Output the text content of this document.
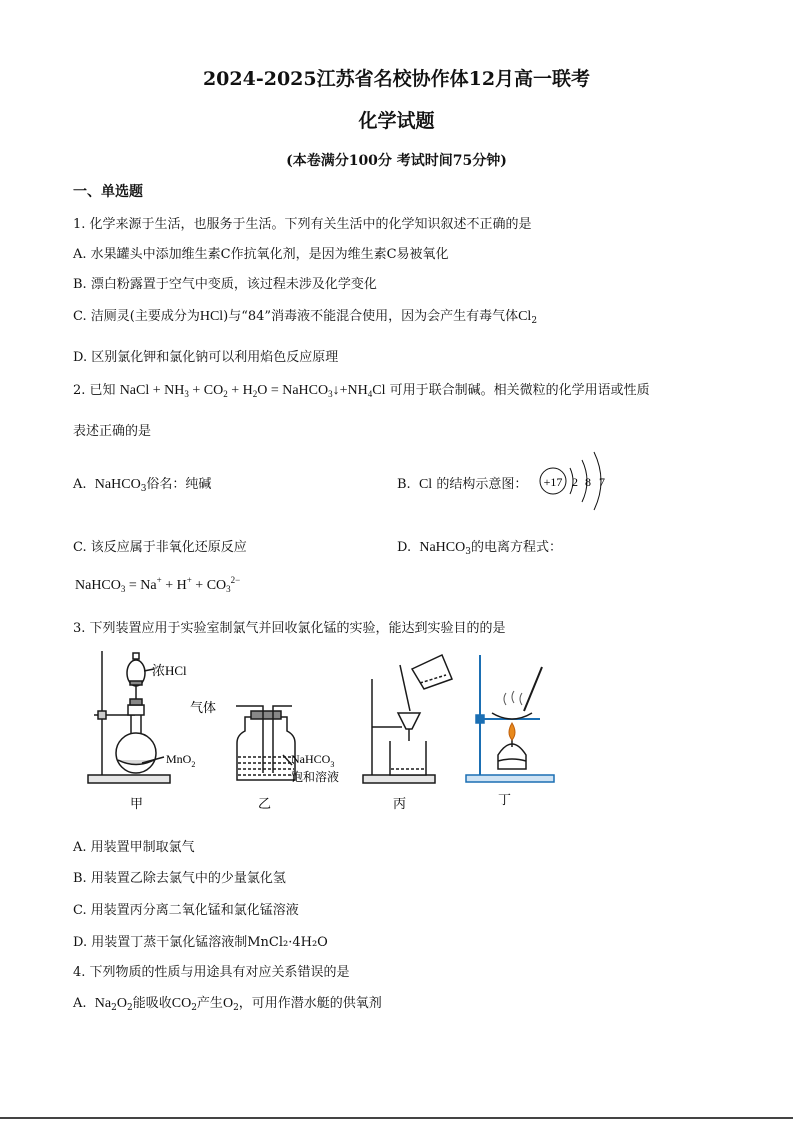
2024-2025江苏省名校协作体12月高一联考
化学试题
(本卷满分100分 考试时间75分钟)
一、单选题
1. 化学来源于生活，也服务于生活。下列有关生活中的化学知识叙述不正确的是
A. 水果罐头中添加维生素C作抗氧化剂，是因为维生素C易被氧化
B. 漂白粉露置于空气中变质，该过程未涉及化学变化
C. 洁厕灵(主要成分为HCl)与“84”消毒液不能混合使用，因为会产生有毒气体$Cl_2$
D. 区别氯化钾和氯化钠可以利用焰色反应原理
2. 已知 NaCl + $NH_3 + CO_2 + H_2O$ = $NaHCO_3↓+NH_4Cl$ 可用于联合制碱。相关微粒的化学用语或性质
表述正确的是
A. NaHCO$_3$俗名：纯碱	B. Cl 的结构示意图： +17 2 8 7
C. 该反应属于非氧化还原反应	D. NaHCO$_3$的电离方程式：
NaHCO$_3$ = $Na^+ + H^+ + CO_3^{2-}$
3. 下列装置应用于实验室制氯气并回收氯化锰的实验，能达到实验目的的是
浓HCl
MnO$_2$
甲
气体
NaHCO$_3$
饱和溶液
乙	丙	丁
A. 用装置甲制取氯气
B. 用装置乙除去氯气中的少量氯化氢
C. 用装置丙分离二氧化锰和氯化锰溶液
D. 用装置丁蒸干氯化锰溶液制MnCl₂·4H₂O
4. 下列物质的性质与用途具有对应关系错误的是
A. $Na_2O_2$能吸收$CO_2$产生$O_2$，可用作潜水艇的供氧剂
